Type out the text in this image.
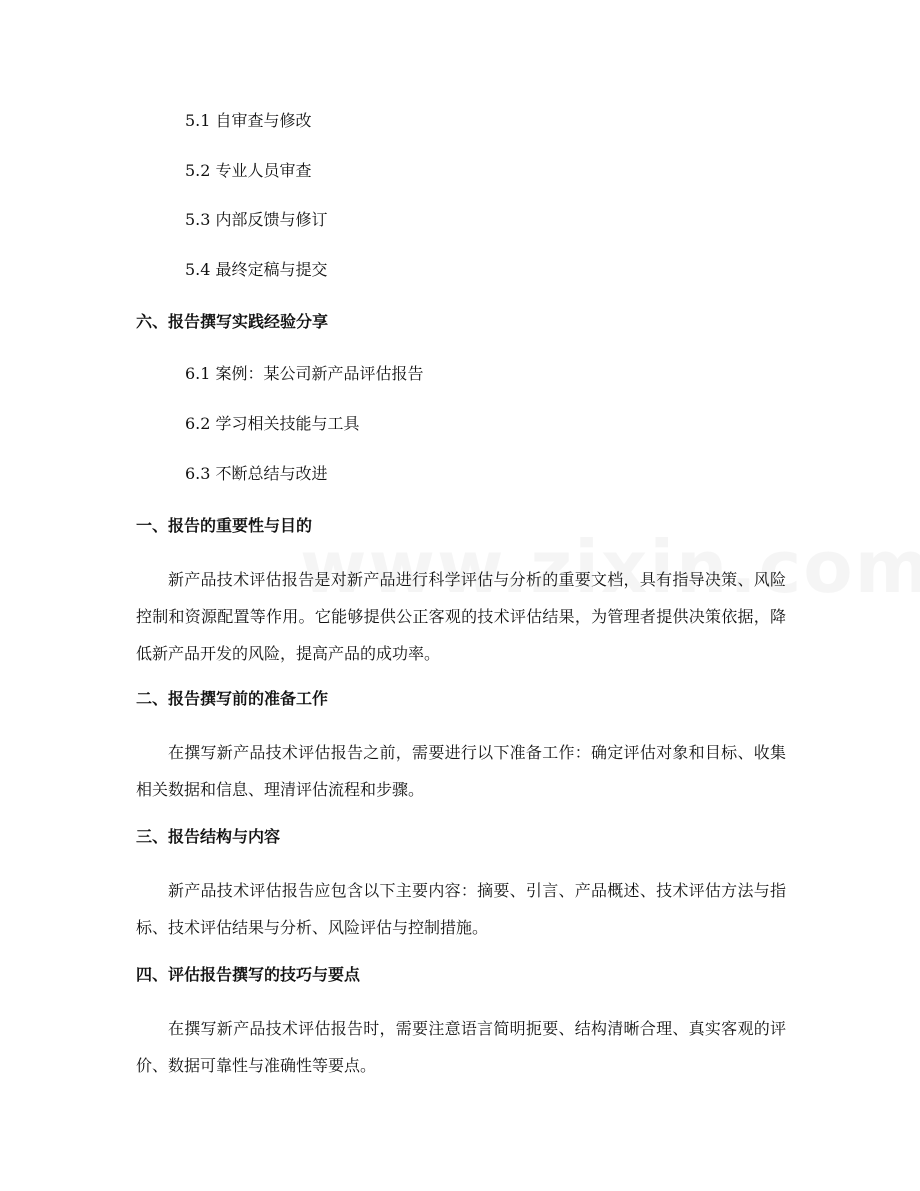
5.1 自审查与修改
5.2 专业人员审查
5.3 内部反馈与修订
5.4 最终定稿与提交
六、报告撰写实践经验分享
6.1 案例：某公司新产品评估报告
6.2 学习相关技能与工具
6.3 不断总结与改进
一、报告的重要性与目的
新产品技术评估报告是对新产品进行科学评估与分析的重要文档，具有指导决策、风险控制和资源配置等作用。它能够提供公正客观的技术评估结果，为管理者提供决策依据，降低新产品开发的风险，提高产品的成功率。
二、报告撰写前的准备工作
在撰写新产品技术评估报告之前，需要进行以下准备工作：确定评估对象和目标、收集相关数据和信息、理清评估流程和步骤。
三、报告结构与内容
新产品技术评估报告应包含以下主要内容：摘要、引言、产品概述、技术评估方法与指标、技术评估结果与分析、风险评估与控制措施。
四、评估报告撰写的技巧与要点
在撰写新产品技术评估报告时，需要注意语言简明扼要、结构清晰合理、真实客观的评价、数据可靠性与准确性等要点。
